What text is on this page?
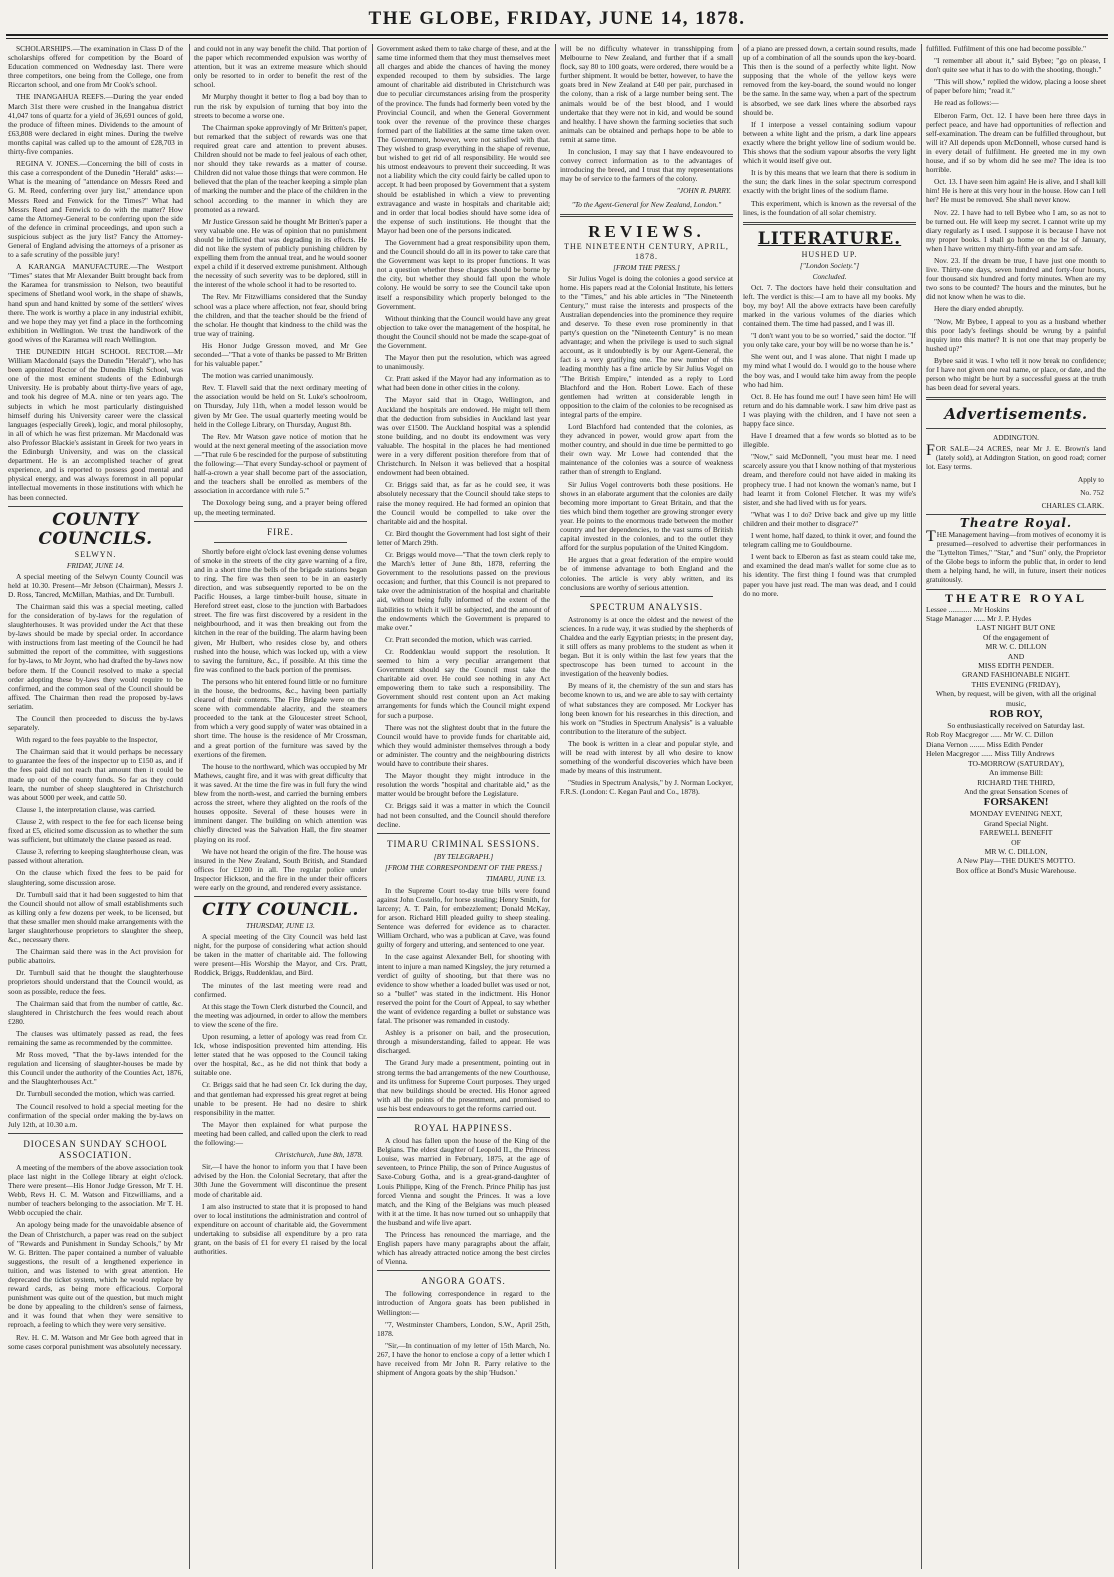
THE GLOBE, FRIDAY, JUNE 14, 1878.

SCHOLARSHIPS.—The examination in Class D of the scholarships offered for competition by the Board of Education commenced on Wednesday last. There were three competitors, one being from the College, one from Riccarton school, and one from Mr Cook's school.

THE INANGAHUA REEFS.—During the year ended March 31st there were crushed in the Inangahua district 41,047 tons of quartz for a yield of 36,691 ounces of gold, the produce of fifteen mines. Dividends to the amount of £63,808 were declared in eight mines. During the twelve months capital was called up to the amount of £28,703 in thirty-five companies.

REGINA V. JONES.—Concerning the bill of costs in this case a correspondent of the Dunedin "Herald" asks:—What is the meaning of "attendance on Messrs Reed and G. M. Reed, conferring over jury list," attendance upon Messrs Reed and Fenwick for the Times?" What had Messrs Reed and Fenwick to do with the matter? How came the Attorney-General to be conferring upon the side of the defence in criminal proceedings, and upon such a suspicious subject as the jury list? Fancy the Attorney-General of England advising the attorneys of a prisoner as to a safe scrutiny of the possible jury!

A KARANGA MANUFACTURE.—The Westport "Times" states that Mr Alexander Buitt brought back from the Karamea for transmission to Nelson, two beautiful specimens of Shetland wool work, in the shape of shawls, hand spun and hand knitted by some of the settlers' wives there. The work is worthy a place in any industrial exhibit, and we hope they may yet find a place in the forthcoming exhibition in Wellington. We trust the handiwork of the good wives of the Karamea will reach Wellington.

THE DUNEDIN HIGH SCHOOL RECTOR.—Mr William Macdonald (says the Dunedin "Herald"), who has been appointed Rector of the Dunedin High School, was one of the most eminent students of the Edinburgh University. He is probably about thirty-five years of age, and took his degree of M.A. nine or ten years ago. The subjects in which he most particularly distinguished himself during his University career were the classical languages (especially Greek), logic, and moral philosophy, in all of which he was first prizeman. Mr Macdonald was also Professor Blackie's assistant in Greek for two years in the Edinburgh University, and was on the classical department. He is an accomplished teacher of great experience, and is reported to possess good mental and physical energy, and was always foremost in all popular intellectual movements in those institutions with which he has been connected.

COUNTY COUNCILS.
SELWYN.
FRIDAY, JUNE 14.

A special meeting of the Selwyn County Council was held at 10.30. Present—Mr Jebson (Chairman), Messrs J. D. Ross, Tancred, McMillan, Mathias, and Dr. Turnbull.

The Chairman said this was a special meeting, called for the consideration of by-laws for the regulation of slaughterhouses. It was provided under the Act that these by-laws should be made by special order. In accordance with instructions from last meeting of the Council he had submitted the report of the committee, with suggestions for by-laws, to Mr Joynt, who had drafted the by-laws now before them. If the Council resolved to make a special order adopting these by-laws they would require to be confirmed, and the common seal of the Council should be affixed. The Chairman then read the proposed by-laws seriatim.

The Council then proceeded to discuss the by-laws separately.

With regard to the fees payable to the Inspector,

The Chairman said that it would perhaps be necessary to guarantee the fees of the inspector up to £150 as, and if the fees paid did not reach that amount then it could be made up out of the county funds. So far as they could learn, the number of sheep slaughtered in Christchurch was about 5000 per week, and cattle 50.

Clause 1, the interpretation clause, was carried.

Clause 2, with respect to the fee for each license being fixed at £5, elicited some discussion as to whether the sum was sufficient, but ultimately the clause passed as read.

Clause 3, referring to keeping slaughterhouse clean, was passed without alteration.

On the clause which fixed the fees to be paid for slaughtering, some discussion arose.

Dr. Turnbull said that it had been suggested to him that the Council should not allow of small establishments such as killing only a few dozens per week, to be licensed, but that these smaller men should make arrangements with the larger slaughterhouse proprietors to slaughter the sheep, &c., necessary there.

The Chairman said there was in the Act provision for public abattoirs.

Dr. Turnbull said that he thought the slaughterhouse proprietors should understand that the Council would, as soon as possible, reduce the fees.

The Chairman said that from the number of cattle, &c. slaughtered in Christchurch the fees would reach about £280.

The clauses was ultimately passed as read, the fees remaining the same as recommended by the committee.

Mr Ross moved, "That the by-laws intended for the regulation and licensing of slaughter-houses be made by this Council under the authority of the Counties Act, 1876, and the Slaughterhouses Act."

Dr. Turnbull seconded the motion, which was carried.

The Council resolved to hold a special meeting for the confirmation of the special order making the by-laws on July 12th, at 10.30 a.m.

DIOCESAN SUNDAY SCHOOL ASSOCIATION.

A meeting of the members of the above association took place last night in the College library at eight o'clock. There were present—His Honor Judge Gresson, Mr T. H. Webb, Revs H. C. M. Watson and Fitzwilliams, and a number of teachers belonging to the association. Mr T. H. Webb occupied the chair.

An apology being made for the unavoidable absence of the Dean of Christchurch, a paper was read on the subject of "Rewards and Punishment in Sunday Schools," by Mr W. G. Britten. The paper contained a number of valuable suggestions, the result of a lengthened experience in tuition, and was listened to with great attention. He deprecated the ticket system, which he would replace by reward cards, as being more efficacious. Corporal punishment was quite out of the question, but much might be done by appealing to the children's sense of fairness, and it was found that when they were sensitive to reproach, a feeling to which they were very sensitive.

Rev. H. C. M. Watson and Mr Gee both agreed that in some cases corporal punishment was absolutely necessary.

and could not in any way benefit the child. That portion of the paper which recommended expulsion was worthy of attention, but it was an extreme measure which should only be resorted to in order to benefit the rest of the school.

Mr Murphy thought it better to flog a bad boy than to run the risk by expulsion of turning that boy into the streets to become a worse one.

The Chairman spoke approvingly of Mr Britten's paper, but remarked that the subject of rewards was one that required great care and attention to prevent abuses. Children should not be made to feel jealous of each other, nor should they take rewards as a matter of course. Children did not value those things that were common. He believed that the plan of the teacher keeping a simple plan of marking the number and the place of the children in the school according to the manner in which they are promoted as a reward.

Mr Justice Gresson said he thought Mr Britten's paper a very valuable one. He was of opinion that no punishment should be inflicted that was degrading in its effects. He did not like the system of publicly punishing children by expelling them from the annual treat, and he would sooner expel a child if it deserved extreme punishment. Although the necessity of such severity was to be deplored, still in the interest of the whole school it had to be resorted to.

The Rev. Mr Fitzwilliams considered that the Sunday school was a place where affection, not fear, should bring the children, and that the teacher should be the friend of the scholar. He thought that kindness to the child was the true way of training.

His Honor Judge Gresson moved, and Mr Gee seconded—"That a vote of thanks be passed to Mr Britten for his valuable paper."

The motion was carried unanimously.

Rev. T. Flavell said that the next ordinary meeting of the association would be held on St. Luke's schoolroom, on Thursday, July 11th, when a model lesson would be given by Mr Gee. The usual quarterly meeting would be held in the College Library, on Thursday, August 8th.

The Rev. Mr Watson gave notice of motion that he would at the next general meeting of the association move—"That rule 6 be rescinded for the purpose of substituting the following:—'That every Sunday-school or payment of half-a-crown a year shall become part of the association, and the teachers shall be enrolled as members of the association in accordance with rule 5.'"

The Doxology being sung, and a prayer being offered up, the meeting terminated.

FIRE.

Shortly before eight o'clock last evening dense volumes of smoke in the streets of the city gave warning of a fire, and in a short time the bells of the brigade stations began to ring. The fire was then seen to be in an easterly direction, and was subsequently reported to be on the Pacific Houses, a large timber-built house, situate in Hereford street east, close to the junction with Barbadoes street. The fire was first discovered by a resident in the neighbourhood, and it was then breaking out from the kitchen in the rear of the building. The alarm having been given, Mr Hulbert, who resides close by, and others rushed into the house, which was locked up, with a view to saving the furniture, &c., if possible. At this time the fire was confined to the back portion of the premises.

The persons who hit entered found little or no furniture in the house, the bedrooms, &c., having been partially cleared of their contents. The Fire Brigade were on the scene with commendable alacrity, and the steamers proceeded to the tank at the Gloucester street School, from which a very good supply of water was obtained in a short time. The house is the residence of Mr Crossman, and a great portion of the furniture was saved by the exertions of the firemen.

The house to the northward, which was occupied by Mr Mathews, caught fire, and it was with great difficulty that it was saved. At the time the fire was in full fury the wind blew from the north-west, and carried the burning embers across the street, where they alighted on the roofs of the houses opposite. Several of these houses were in imminent danger. The building on which attention was chiefly directed was the Salvation Hall, the fire steamer playing on its roof.

We have not heard the origin of the fire. The house was insured in the New Zealand, South British, and Standard offices for £1200 in all. The regular police under Inspector Hickson, and the fire in the under their officers were early on the ground, and rendered every assistance.

CITY COUNCIL.
THURSDAY, JUNE 13.

A special meeting of the City Council was held last night, for the purpose of considering what action should be taken in the matter of charitable aid. The following were present—His Worship the Mayor, and Crs. Pratt, Roddick, Briggs, Ruddenklau, and Bird.

The minutes of the last meeting were read and confirmed.

At this stage the Town Clerk disturbed the Council, and the meeting was adjourned, in order to allow the members to view the scene of the fire.

Upon resuming, a letter of apology was read from Cr. Ick, whose indisposition prevented him attending. His letter stated that he was opposed to the Council taking over the hospital, &c., as he did not think that body a suitable one.

Cr. Briggs said that he had seen Cr. Ick during the day, and that gentleman had expressed his great regret at being unable to be present. He had no desire to shirk responsibility in the matter.

The Mayor then explained for what purpose the meeting had been called, and called upon the clerk to read the following:—

Christchurch, June 8th, 1878.

Sir,—I have the honor to inform you that I have been advised by the Hon. the Colonial Secretary, that after the 30th June the Government will discontinue the present mode of charitable aid.

I am also instructed to state that it is proposed to hand over to local institutions the administration and control of expenditure on account of charitable aid, the Government undertaking to subsidise all expenditure by a pro rata grant, on the basis of £1 for every £1 raised by the local authorities.

Government asked them to take charge of these, and at the same time informed them that they must themselves meet all charges and abide the chances of having the money expended recouped to them by subsidies. The large amount of charitable aid distributed in Christchurch was due to peculiar circumstances arising from the prosperity of the province. The funds had formerly been voted by the Provincial Council, and when the General Government took over the revenue of the province these charges formed part of the liabilities at the same time taken over. The Government, however, were not satisfied with that. They wished to grasp everything in the shape of revenue, but wished to get rid of all responsibility. He would see his utmost endeavours to prevent their succeeding. It was not a liability which the city could fairly be called upon to accept. It had been proposed by Government that a system should be established in which a view to preventing extravagance and waste in hospitals and charitable aid; and in order that local bodies should have some idea of the expense of such institutions. He thought that the Mayor had been one of the persons indicated.

The Government had a great responsibility upon them, and the Council should do all in its power to take care that the Government was kept to its proper functions. It was not a question whether these charges should be borne by the city, but whether they should fall upon the whole colony. He would be sorry to see the Council take upon itself a responsibility which properly belonged to the Government.

Without thinking that the Council would have any great objection to take over the management of the hospital, he thought the Council should not be made the scape-goat of the Government.

The Mayor then put the resolution, which was agreed to unanimously.

Cr. Pratt asked if the Mayor had any information as to what had been done in other cities in the colony.

The Mayor said that in Otago, Wellington, and Auckland the hospitals are endowed. He might tell them that the deduction from subsidies in Auckland last year was over £1500. The Auckland hospital was a splendid stone building, and no doubt its endowment was very valuable. The hospital in the places he had mentioned were in a very different position therefore from that of Christchurch. In Nelson it was believed that a hospital endowment had been obtained.

Cr. Briggs said that, as far as he could see, it was absolutely necessary that the Council should take steps to raise the money required. He had formed an opinion that the Council would be compelled to take over the charitable aid and the hospital.

Cr. Bird thought the Government had lost sight of their letter of March 29th.

Cr. Briggs would move—"That the town clerk reply to the March's letter of June 8th, 1878, referring the Government to the resolutions passed on the previous occasion; and further, that this Council is not prepared to take over the administration of the hospital and charitable aid, without being fully informed of the extent of the liabilities to which it will be subjected, and the amount of the endowments which the Government is prepared to make over."

Cr. Pratt seconded the motion, which was carried.

Cr. Roddenklau would support the resolution. It seemed to him a very peculiar arrangement that Government should say the Council must take the charitable aid over. He could see nothing in any Act empowering them to take such a responsibility. The Government should rest content upon an Act making arrangements for funds which the Council might expend for such a purpose.

There was not the slightest doubt that in the future the Council would have to provide funds for charitable aid, which they would administer themselves through a body or administer. The country and the neighbouring districts would have to contribute their shares.

The Mayor thought they might introduce in the resolution the words "hospital and charitable aid," as the matter would be brought before the Legislature.

Cr. Briggs said it was a matter in which the Council had not been consulted, and the Council should therefore decline.

TIMARU CRIMINAL SESSIONS.
[BY TELEGRAPH.]
[FROM THE CORRESPONDENT OF THE PRESS.]
TIMARU, JUNE 13.

In the Supreme Court to-day true bills were found against John Costello, for horse stealing; Henry Smith, for larceny; A. T. Pain, for embezzlement; Donald McKay, for arson. Richard Hill pleaded guilty to sheep stealing. Sentence was deferred for evidence as to character. William Orchard, who was a publican at Cave, was found guilty of forgery and uttering, and sentenced to one year.

In the case against Alexander Bell, for shooting with intent to injure a man named Kingsley, the jury returned a verdict of guilty of shooting, but that there was no evidence to show whether a loaded bullet was used or not, so a "bullet" was stated in the indictment. His Honor reserved the point for the Court of Appeal, to say whether the want of evidence regarding a bullet or substance was fatal. The prisoner was remanded in custody.

Ashley is a prisoner on bail, and the prosecution, through a misunderstanding, failed to appear. He was discharged.

The Grand Jury made a presentment, pointing out in strong terms the bad arrangements of the new Courthouse, and its unfitness for Supreme Court purposes. They urged that new buildings should be erected. His Honor agreed with all the points of the presentment, and promised to use his best endeavours to get the reforms carried out.

ROYAL HAPPINESS.

A cloud has fallen upon the house of the King of the Belgians. The eldest daughter of Leopold II., the Princess Louise, was married in February, 1875, at the age of seventeen, to Prince Philip, the son of Prince Augustus of Saxe-Coburg Gotha, and is a great-grand-daughter of Louis Philippe, King of the French. Prince Philip has just forced Vienna and sought the Princes. It was a love match, and the King of the Belgians was much pleased with it at the time. It has now turned out so unhappily that the husband and wife live apart.

The Princess has renounced the marriage, and the English papers have many paragraphs about the affair, which has already attracted notice among the best circles of Vienna.

ANGORA GOATS.

The following correspondence in regard to the introduction of Angora goats has been published in Wellington:—

"7, Westminster Chambers, London, S.W., April 25th, 1878.

"Sir,—In continuation of my letter of 15th March, No. 267, I have the honor to enclose a copy of a letter which I have received from Mr John R. Parry relative to the shipment of Angora goats by the ship 'Hudson.'

will be no difficulty whatever in transshipping from Melbourne to New Zealand, and further that if a small flock, say 80 to 100 goats, were ordered, there would be a further shipment. It would be better, however, to have the goats bred in New Zealand at £40 per pair, purchased in the colony, than a risk of a large number being sent. The animals would be of the best blood, and I would undertake that they were not in kid, and would be sound and healthy. I have shown the farming societies that such animals can be obtained and perhaps hope to be able to remit at same time.

In conclusion, I may say that I have endeavoured to convey correct information as to the advantages of introducing the breed, and I trust that my representations may be of service to the farmers of the colony.

"JOHN R. PARRY.
"To the Agent-General for New Zealand, London."
REVIEWS.
THE NINETEENTH CENTURY, APRIL, 1878.
[FROM THE PRESS.]

Sir Julius Vogel is doing the colonies a good service at home. His papers read at the Colonial Institute, his letters to the "Times," and his able articles in "The Nineteenth Century," must raise the interests and prospects of the Australian dependencies into the prominence they require and deserve. To these even rose prominently in that party's question on the "Nineteenth Century" is no mean advantage; and when the privilege is used to such signal account, as it undoubtedly is by our Agent-General, the fact is a very gratifying one. The new number of this leading monthly has a fine article by Sir Julius Vogel on "The British Empire," intended as a reply to Lord Blachford and the Hon. Robert Lowe. Each of these gentlemen had written at considerable length in opposition to the claim of the colonies to be recognised as integral parts of the empire.

Lord Blachford had contended that the colonies, as they advanced in power, would grow apart from the mother country, and should in due time be permitted to go their own way. Mr Lowe had contended that the maintenance of the colonies was a source of weakness rather than of strength to England.

Sir Julius Vogel controverts both these positions. He shows in an elaborate argument that the colonies are daily becoming more important to Great Britain, and that the ties which bind them together are growing stronger every year. He points to the enormous trade between the mother country and her dependencies, to the vast sums of British capital invested in the colonies, and to the outlet they afford for the surplus population of the United Kingdom.

He argues that a great federation of the empire would be of immense advantage to both England and the colonies. The article is very ably written, and its conclusions are worthy of serious attention.

SPECTRUM ANALYSIS.

Astronomy is at once the oldest and the newest of the sciences. In a rude way, it was studied by the shepherds of Chaldea and the early Egyptian priests; in the present day, it still offers as many problems to the student as when it began. But it is only within the last few years that the spectroscope has been turned to account in the investigation of the heavenly bodies.

By means of it, the chemistry of the sun and stars has become known to us, and we are able to say with certainty of what substances they are composed. Mr Lockyer has long been known for his researches in this direction, and his work on "Studies in Spectrum Analysis" is a valuable contribution to the literature of the subject.

The book is written in a clear and popular style, and will be read with interest by all who desire to know something of the wonderful discoveries which have been made by means of this instrument.

"Studies in Spectrum Analysis," by J. Norman Lockyer, F.R.S. (London: C. Kegan Paul and Co., 1878).

of a piano are pressed down, a certain sound results, made up of a combination of all the sounds upon the key-board. This then is the sound of a perfectly white light. Now supposing that the whole of the yellow keys were removed from the key-board, the sound would no longer be the same. In the same way, when a part of the spectrum is absorbed, we see dark lines where the absorbed rays should be.

If I interpose a vessel containing sodium vapour between a white light and the prism, a dark line appears exactly where the bright yellow line of sodium would be. This shows that the sodium vapour absorbs the very light which it would itself give out.

It is by this means that we learn that there is sodium in the sun; the dark lines in the solar spectrum correspond exactly with the bright lines of the sodium flame.

This experiment, which is known as the reversal of the lines, is the foundation of all solar chemistry.

LITERATURE.
HUSHED UP.
["London Society."]
Concluded.

Oct. 7. The doctors have held their consultation and left. The verdict is this:—I am to have all my books. My boy, my boy! All the above extracts have been carefully marked in the various volumes of the diaries which contained them. The time had passed, and I was ill.

"I don't want you to be so worried," said the doctor. "If you only take care, your boy will be no worse than he is."

She went out, and I was alone. That night I made up my mind what I would do. I would go to the house where the boy was, and I would take him away from the people who had him.

Oct. 8. He has found me out! I have seen him! He will return and do his damnable work. I saw him drive past as I was playing with the children, and I have not seen a happy face since.

Have I dreamed that a few words so blotted as to be illegible.

"Now," said McDonnell, "you must hear me. I need scarcely assure you that I know nothing of that mysterious dream, and therefore could not have aided in making its prophecy true. I had not known the woman's name, but I had learnt it from Colonel Fletcher. It was my wife's sister, and she had lived with us for years.

"What was I to do? Drive back and give up my little children and their mother to disgrace?"

I went home, half dazed, to think it over, and found the telegram calling me to Gouldbourne.

I went back to Elberon as fast as steam could take me, and examined the dead man's wallet for some clue as to his identity. The first thing I found was that crumpled paper you have just read. The man was dead, and I could do no more.

fulfilled. Fulfilment of this one had become possible."

"I remember all about it," said Bybee; "go on please, I don't quite see what it has to do with the shooting, though."

"This will show," replied the widow, placing a loose sheet of paper before him; "read it."

He read as follows:—

Elberon Farm, Oct. 12. I have been here three days in perfect peace, and have had opportunities of reflection and self-examination. The dream can be fulfilled throughout, but will it? All depends upon McDonnell, whose cursed hand is in every detail of fulfilment. He greeted me in my own house, and if so by whom did he see me? The idea is too horrible.

Oct. 13. I have seen him again! He is alive, and I shall kill him! He is here at this very hour in the house. How can I tell her? He must be removed. She shall never know.

Nov. 22. I have had to tell Bybee who I am, so as not to be turned out. He will keep my secret. I cannot write up my diary regularly as I used. I suppose it is because I have not my proper books. I shall go home on the 1st of January, when I have written my thirty-fifth year and am safe.

Nov. 23. If the dream be true, I have just one month to live. Thirty-one days, seven hundred and forty-four hours, four thousand six hundred and forty minutes. When are my two sons to be counted? The hours and the minutes, but he did not know when he was to die.

Here the diary ended abruptly.

"Now, Mr Bybee, I appeal to you as a husband whether this poor lady's feelings should be wrung by a painful inquiry into this matter? It is not one that may properly be hushed up?"

Bybee said it was. I who tell it now break no confidence; for I have not given one real name, or place, or date, and the person who might be hurt by a successful guess at the truth has been dead for several years.

Advertisements.
ADDINGTON.

FOR SALE—24 ACRES, near Mr J. E. Brown's land (lately sold), at Addington Station, on good road; corner lot. Easy terms.

Apply to
No. 752
CHARLES CLARK.
Theatre Royal.

THE Management having—from motives of economy it is presumed—resolved to advertise their performances in the "Lyttelton Times," "Star," and "Sun" only, the Proprietor of the Globe begs to inform the public that, in order to lend them a helping hand, he will, in future, insert their notices gratuitously.

THEATRE ROYAL
Lessee ............ Mr Hoskins
Stage Manager ...... Mr J. P. Hydes
LAST NIGHT BUT ONE
Of the engagement of
MR W. C. DILLON
AND
MISS EDITH PENDER.
GRAND FASHIONABLE NIGHT.
THIS EVENING (FRIDAY),
When, by request, will be given, with all the original music,
ROB ROY,
So enthusiastically received on Saturday last.
Rob Roy Macgregor ...... Mr W. C. Dillon
Diana Vernon ........ Miss Edith Pender
Helen Macgregor ...... Miss Tilly Andrews
TO-MORROW (SATURDAY),
An immense Bill:
RICHARD THE THIRD,
And the great Sensation Scenes of
FORSAKEN!
MONDAY EVENING NEXT,
Grand Special Night.
FAREWELL BENEFIT
OF
MR W. C. DILLON,
A New Play—THE DUKE'S MOTTO.
Box office at Bond's Music Warehouse.
